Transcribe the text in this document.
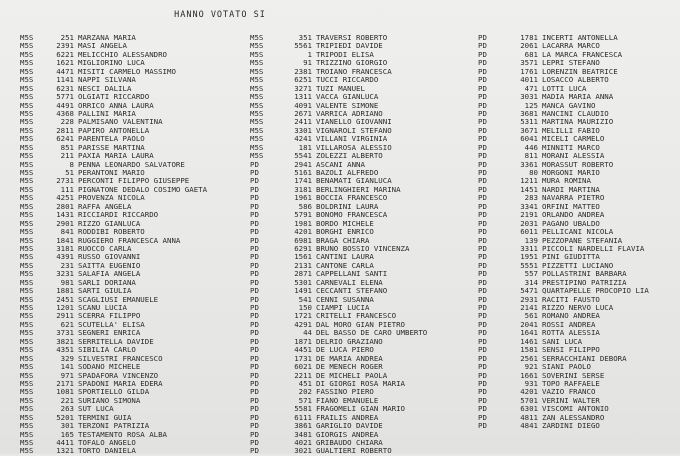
HANNO VOTATO SI
M5S	251 MARZANA MARIA
M5S	2391 MASI ANGELA
M5S	6221 MELICCHIO ALESSANDRO
M5S	1621 MIGLIORINO LUCA
M5S	4471 MISITI CARMELO MASSIMO
M5S	1141 NAPPI SILVANA
M5S	6231 NESCI DALILA
M5S	5771 OLGIATI RICCARDO
M5S	4491 ORRICO ANNA LAURA
M5S	4368 PALLINI MARIA
M5S	228 PALMISANO VALENTINA
M5S	2811 PAPIRO ANTONELLA
M5S	6241 PARENTELA PAOLO
M5S	851 PARISSE MARTINA
M5S	211 PAXIA MARIA LAURA
M5S	8 PENNA LEONARDO SALVATORE
M5S	51 PERANTONI MARIO
M5S	2731 PERCONTI FILIPPO GIUSEPPE
M5S	111 PIGNATONE DEDALO COSIMO GAETA
M5S	4251 PROVENZA NICOLA
M5S	2801 RAFFA ANGELA
M5S	1431 RICCIARDI RICCARDO
M5S	2901 RIZZO GIANLUCA
M5S	841 RODDIBI ROBERTO
M5S	1841 RUGGIERO FRANCESCA ANNA
M5S	3181 RUOCCO CARLA
M5S	4391 RUSSO GIOVANNI
M5S	231 SAITTA EUGENIO
M5S	3231 SALAFIA ANGELA
M5S	981 SARLI DORIANA
M5S	1881 SARTI GIULIA
M5S	2451 SCAGLIUSI EMANUELE
M5S	1201 SCANU LUCIA
M5S	2911 SCERRA FILIPPO
M5S	621 SCUTELLA' ELISA
M5S	3731 SEGNERI ENRICA
M5S	3821 SERRITELLA DAVIDE
M5S	4351 SIBILIA CARLO
M5S	329 SILVESTRI FRANCESCO
M5S	141 SODANO MICHELE
M5S	971 SPADAFORA VINCENZO
M5S	2171 SPADONI MARIA EDERA
M5S	1081 SPORTIELLO GILDA
M5S	221 SURIANO SIMONA
M5S	263 SUT LUCA
M5S	5201 TERMINI GUIA
M5S	301 TERZONI PATRIZIA
M5S	165 TESTAMENTO ROSA ALBA
M5S	4411 TOFALO ANGELO
M5S	1321 TORTO DANIELA
M5S	351 TRAVERSI ROBERTO
M5S	5561 TRIPIEDI DAVIDE
M5S	1 TRIPODI ELISA
M5S	91 TRIZZINO GIORGIO
M5S	2381 TROIANO FRANCESCA
M5S	6251 TUCCI RICCARDO
M5S	3271 TUZI MANUEL
M5S	1311 VACCA GIANLUCA
M5S	4091 VALENTE SIMONE
M5S	2671 VARRICA ADRIANO
M5S	2411 VIANELLO GIOVANNI
M5S	3301 VIGNAROLI STEFANO
M5S	4241 VILLANI VIRGINIA
M5S	181 VILLAROSA ALESSIO
M5S	5541 ZOLEZZI ALBERTO
PD	2941 ASCANI ANNA
PD	5161 BAZOLI ALFREDO
PD	1741 BENAMATI GIANLUCA
PD	3181 BERLINGHIERI MARINA
PD	1961 BOCCIA FRANCESCO
PD	586 BOLDRINI LAURA
PD	5791 BONOMO FRANCESCA
PD	1981 BORDO MICHELE
PD	4201 BORGHI ENRICO
PD	6981 BRAGA CHIARA
PD	6291 BRUNO BOSSIO VINCENZA
PD	1561 CANTINI LAURA
PD	2131 CANTONE CARLA
PD	2871 CAPPELLANI SANTI
PD	5301 CARNEVALI ELENA
PD	1491 CECCANTI STEFANO
PD	541 CENNI SUSANNA
PD	150 CIAMPI LUCIA
PD	1721 CRITELLI FRANCESCO
PD	4291 DAL MORO GIAN PIETRO
PD	44 DEL BASSO DE CARO UMBERTO
PD	1871 DELRIO GRAZIANO
PD	4451 DE LUCA PIERO
PD	1731 DE MARIA ANDREA
PD	6021 DE MENECH ROGER
PD	2211 DE MICHELI PAOLA
PD	451 DI GIORGI ROSA MARIA
PD	202 FASSINO PIERO
PD	571 FIANO EMANUELE
PD	5581 FRAGOMELI GIAN MARIO
PD	6111 FRAILIS ANDREA
PD	3861 GARIGLIO DAVIDE
PD	3481 GIORGIS ANDREA
PD	4021 GRIBAUDO CHIARA
PD	3021 GUALTIERI ROBERTO
PD	1781 INCERTI ANTONELLA
PD	2061 LACARRA MARCO
PD	681 LA MARCA FRANCESCA
PD	3571 LEPRI STEFANO
PD	1761 LORENZIN BEATRICE
PD	4011 LOSACCO ALBERTO
PD	471 LOTTI LUCA
PD	3031 MADIA MARIA ANNA
PD	125 MANCA GAVINO
PD	3681 MANCINI CLAUDIO
PD	5311 MARTINA MAURIZIO
PD	3671 MELILLI FABIO
PD	6041 MICELI CARMELO
PD	446 MINNITI MARCO
PD	811 MORANI ALESSIA
PD	3361 MORASSUT ROBERTO
PD	80 MORGONI MARIO
PD	1211 MURA ROMINA
PD	1451 NARDI MARTINA
PD	283 NAVARRA PIETRO
PD	3341 ORFINI MATTEO
PD	2191 ORLANDO ANDREA
PD	2031 PAGANO UBALDO
PD	6011 PELLICANI NICOLA
PD	139 PEZZOPANE STEFANIA
PD	3311 PICCOLI NARDELLI FLAVIA
PD	1951 PINI GIUDITTA
PD	5551 PIZZETTI LUCIANO
PD	557 POLLASTRINI BARBARA
PD	314 PRESTIPINO PATRIZIA
PD	5471 QUARTAPELLE PROCOPIO LIA
PD	2931 RACITI FAUSTO
PD	2141 RIZZO NERVO LUCA
PD	561 ROMANO ANDREA
PD	2041 ROSSI ANDREA
PD	1641 ROTTA ALESSIA
PD	1461 SANI LUCA
PD	1581 SENSI FILIPPO
PD	2561 SERRACCHIANI DEBORA
PD	921 SIANI PAOLO
PD	1661 SOVERINI SERSE
PD	931 TOPO RAFFAELE
PD	4201 VAZIO FRANCO
PD	5701 VERINI WALTER
PD	6301 VISCOMI ANTONIO
PD	4811 ZAN ALESSANDRO
PD	4841 ZARDINI DIEGO
